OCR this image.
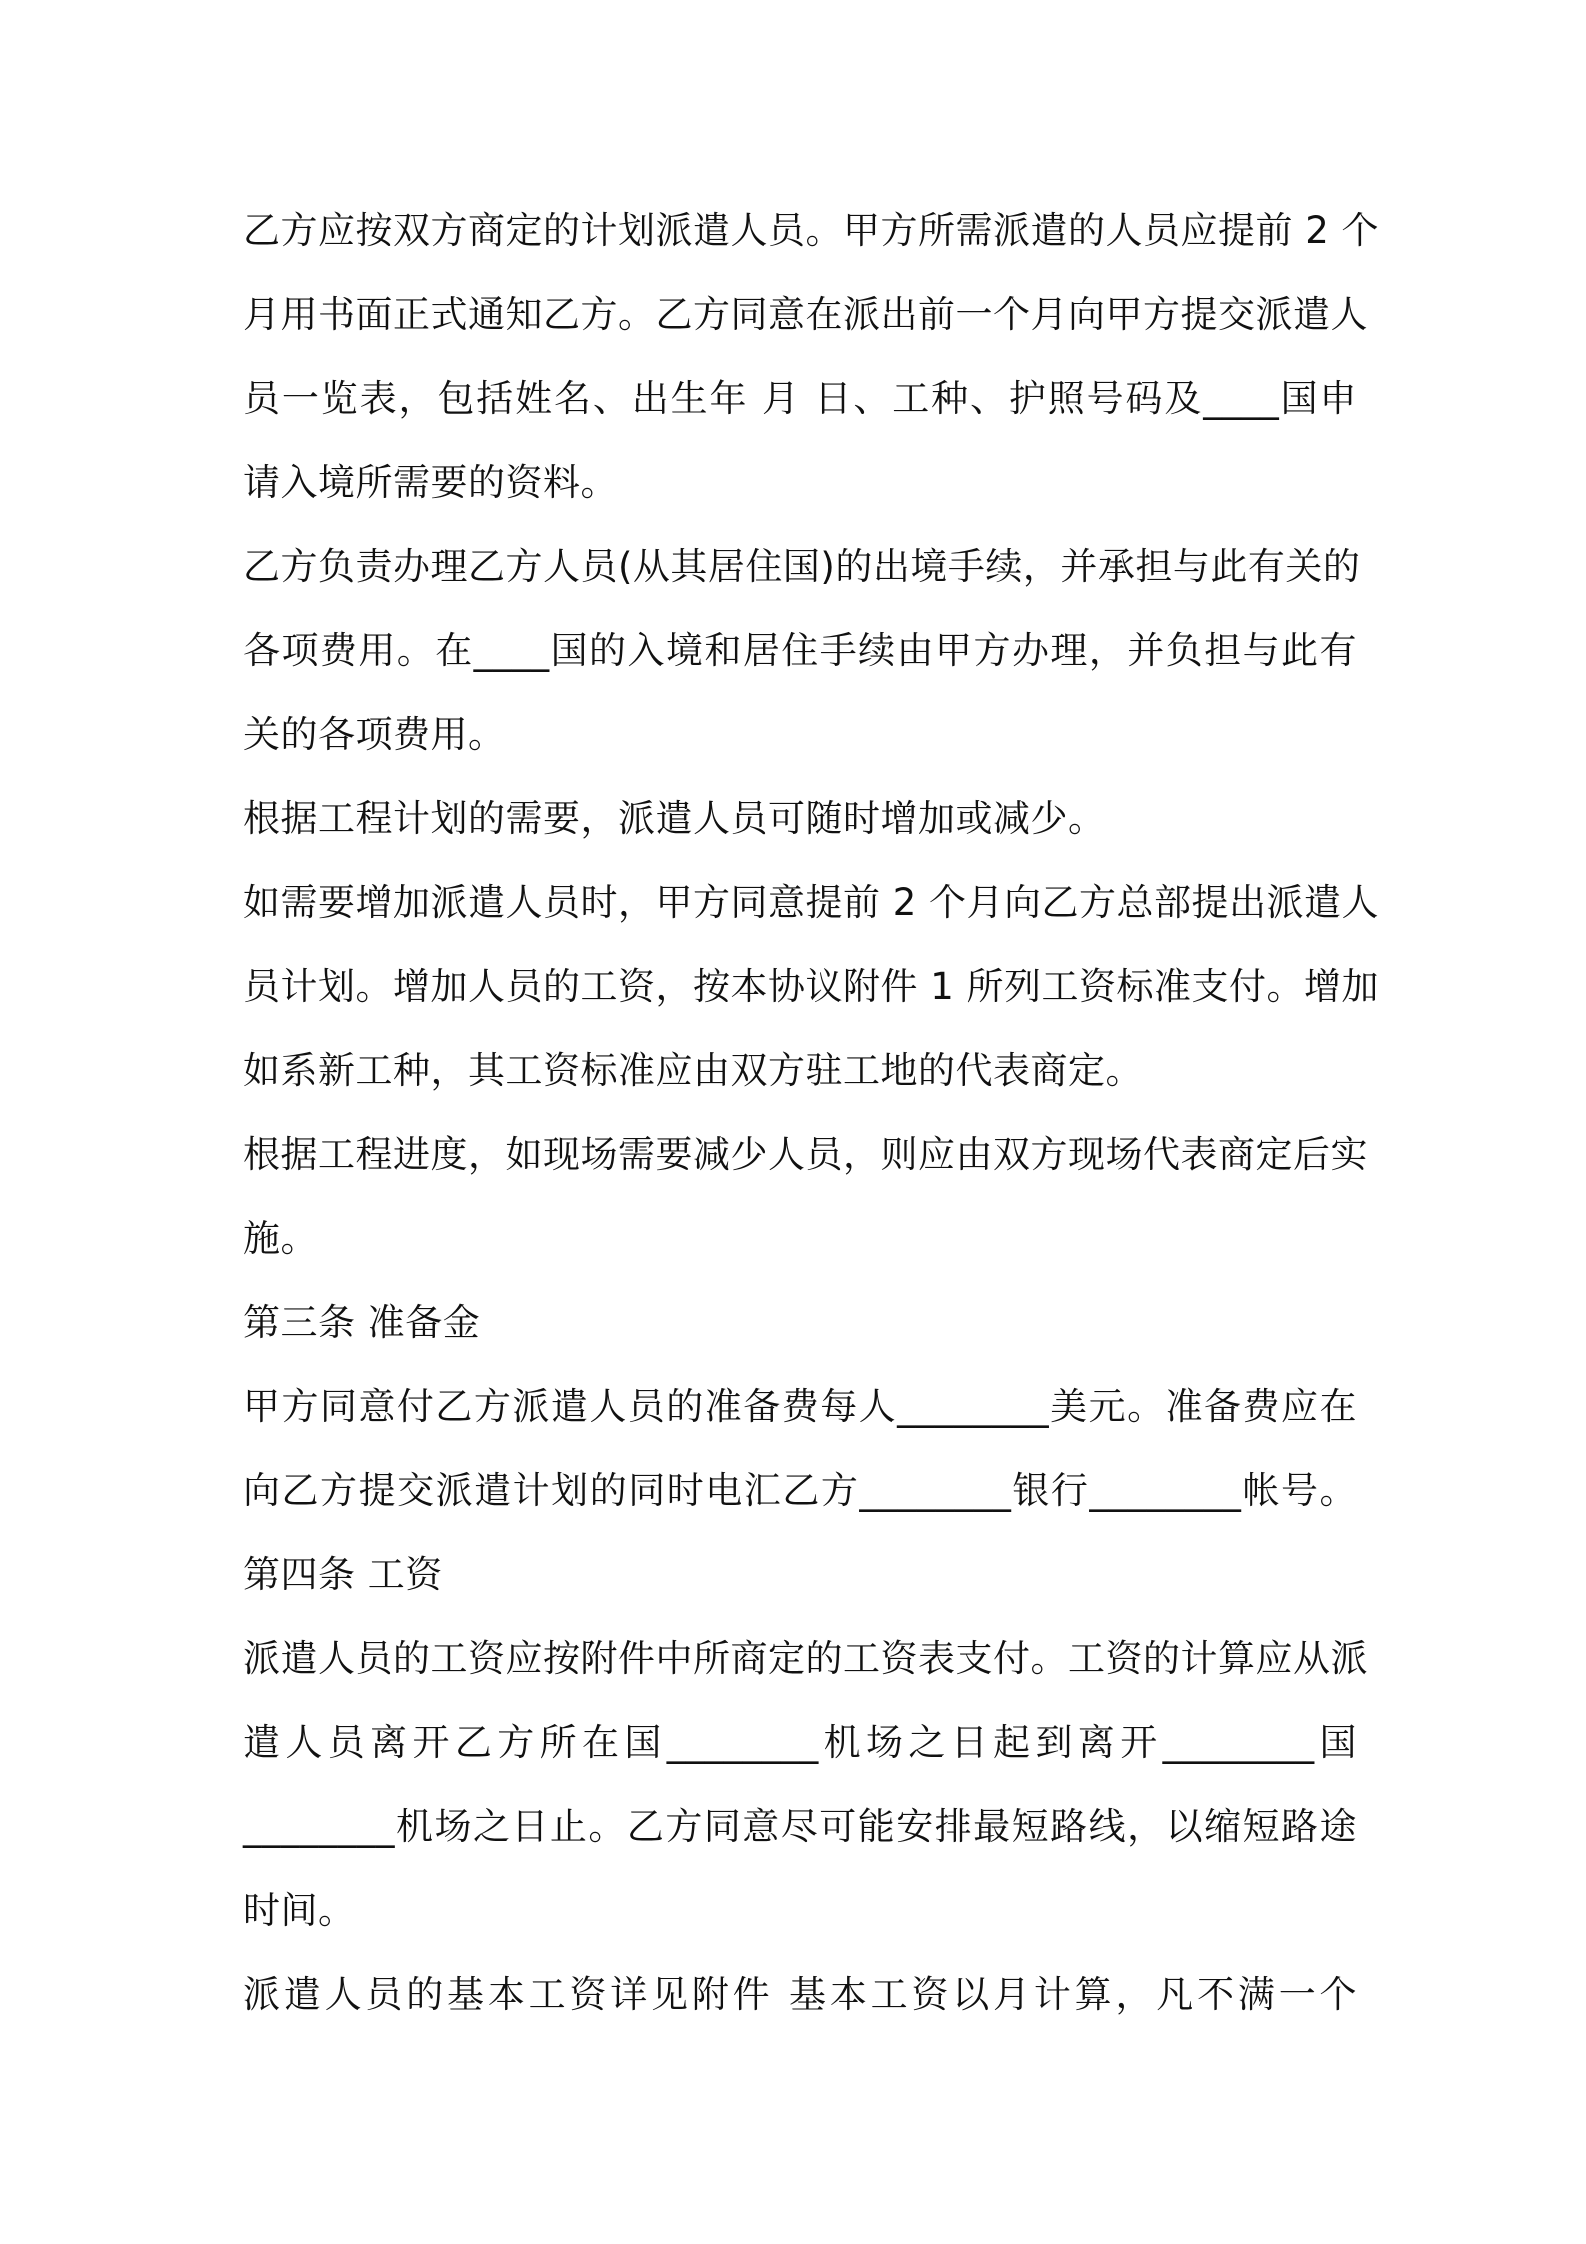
乙方应按双方商定的计划派遣人员。甲方所需派遣的人员应提前 2 个
月用书面正式通知乙方。乙方同意在派出前一个月向甲方提交派遣人
员一览表，包括姓名、出生年 月 日、工种、护照号码及____国申
请入境所需要的资料。
乙方负责办理乙方人员(从其居住国)的出境手续，并承担与此有关的
各项费用。在____国的入境和居住手续由甲方办理，并负担与此有
关的各项费用。
根据工程计划的需要，派遣人员可随时增加或减少。
如需要增加派遣人员时，甲方同意提前 2 个月向乙方总部提出派遣人
员计划。增加人员的工资，按本协议附件 1 所列工资标准支付。增加
如系新工种，其工资标准应由双方驻工地的代表商定。
根据工程进度，如现场需要减少人员，则应由双方现场代表商定后实
施。
第三条 准备金
甲方同意付乙方派遣人员的准备费每人________美元。准备费应在
向乙方提交派遣计划的同时电汇乙方________银行________帐号。
第四条 工资
派遣人员的工资应按附件中所商定的工资表支付。工资的计算应从派
遣人员离开乙方所在国________机场之日起到离开________国
________机场之日止。乙方同意尽可能安排最短路线，以缩短路途
时间。
派遣人员的基本工资详见附件 基本工资以月计算，凡不满一个
